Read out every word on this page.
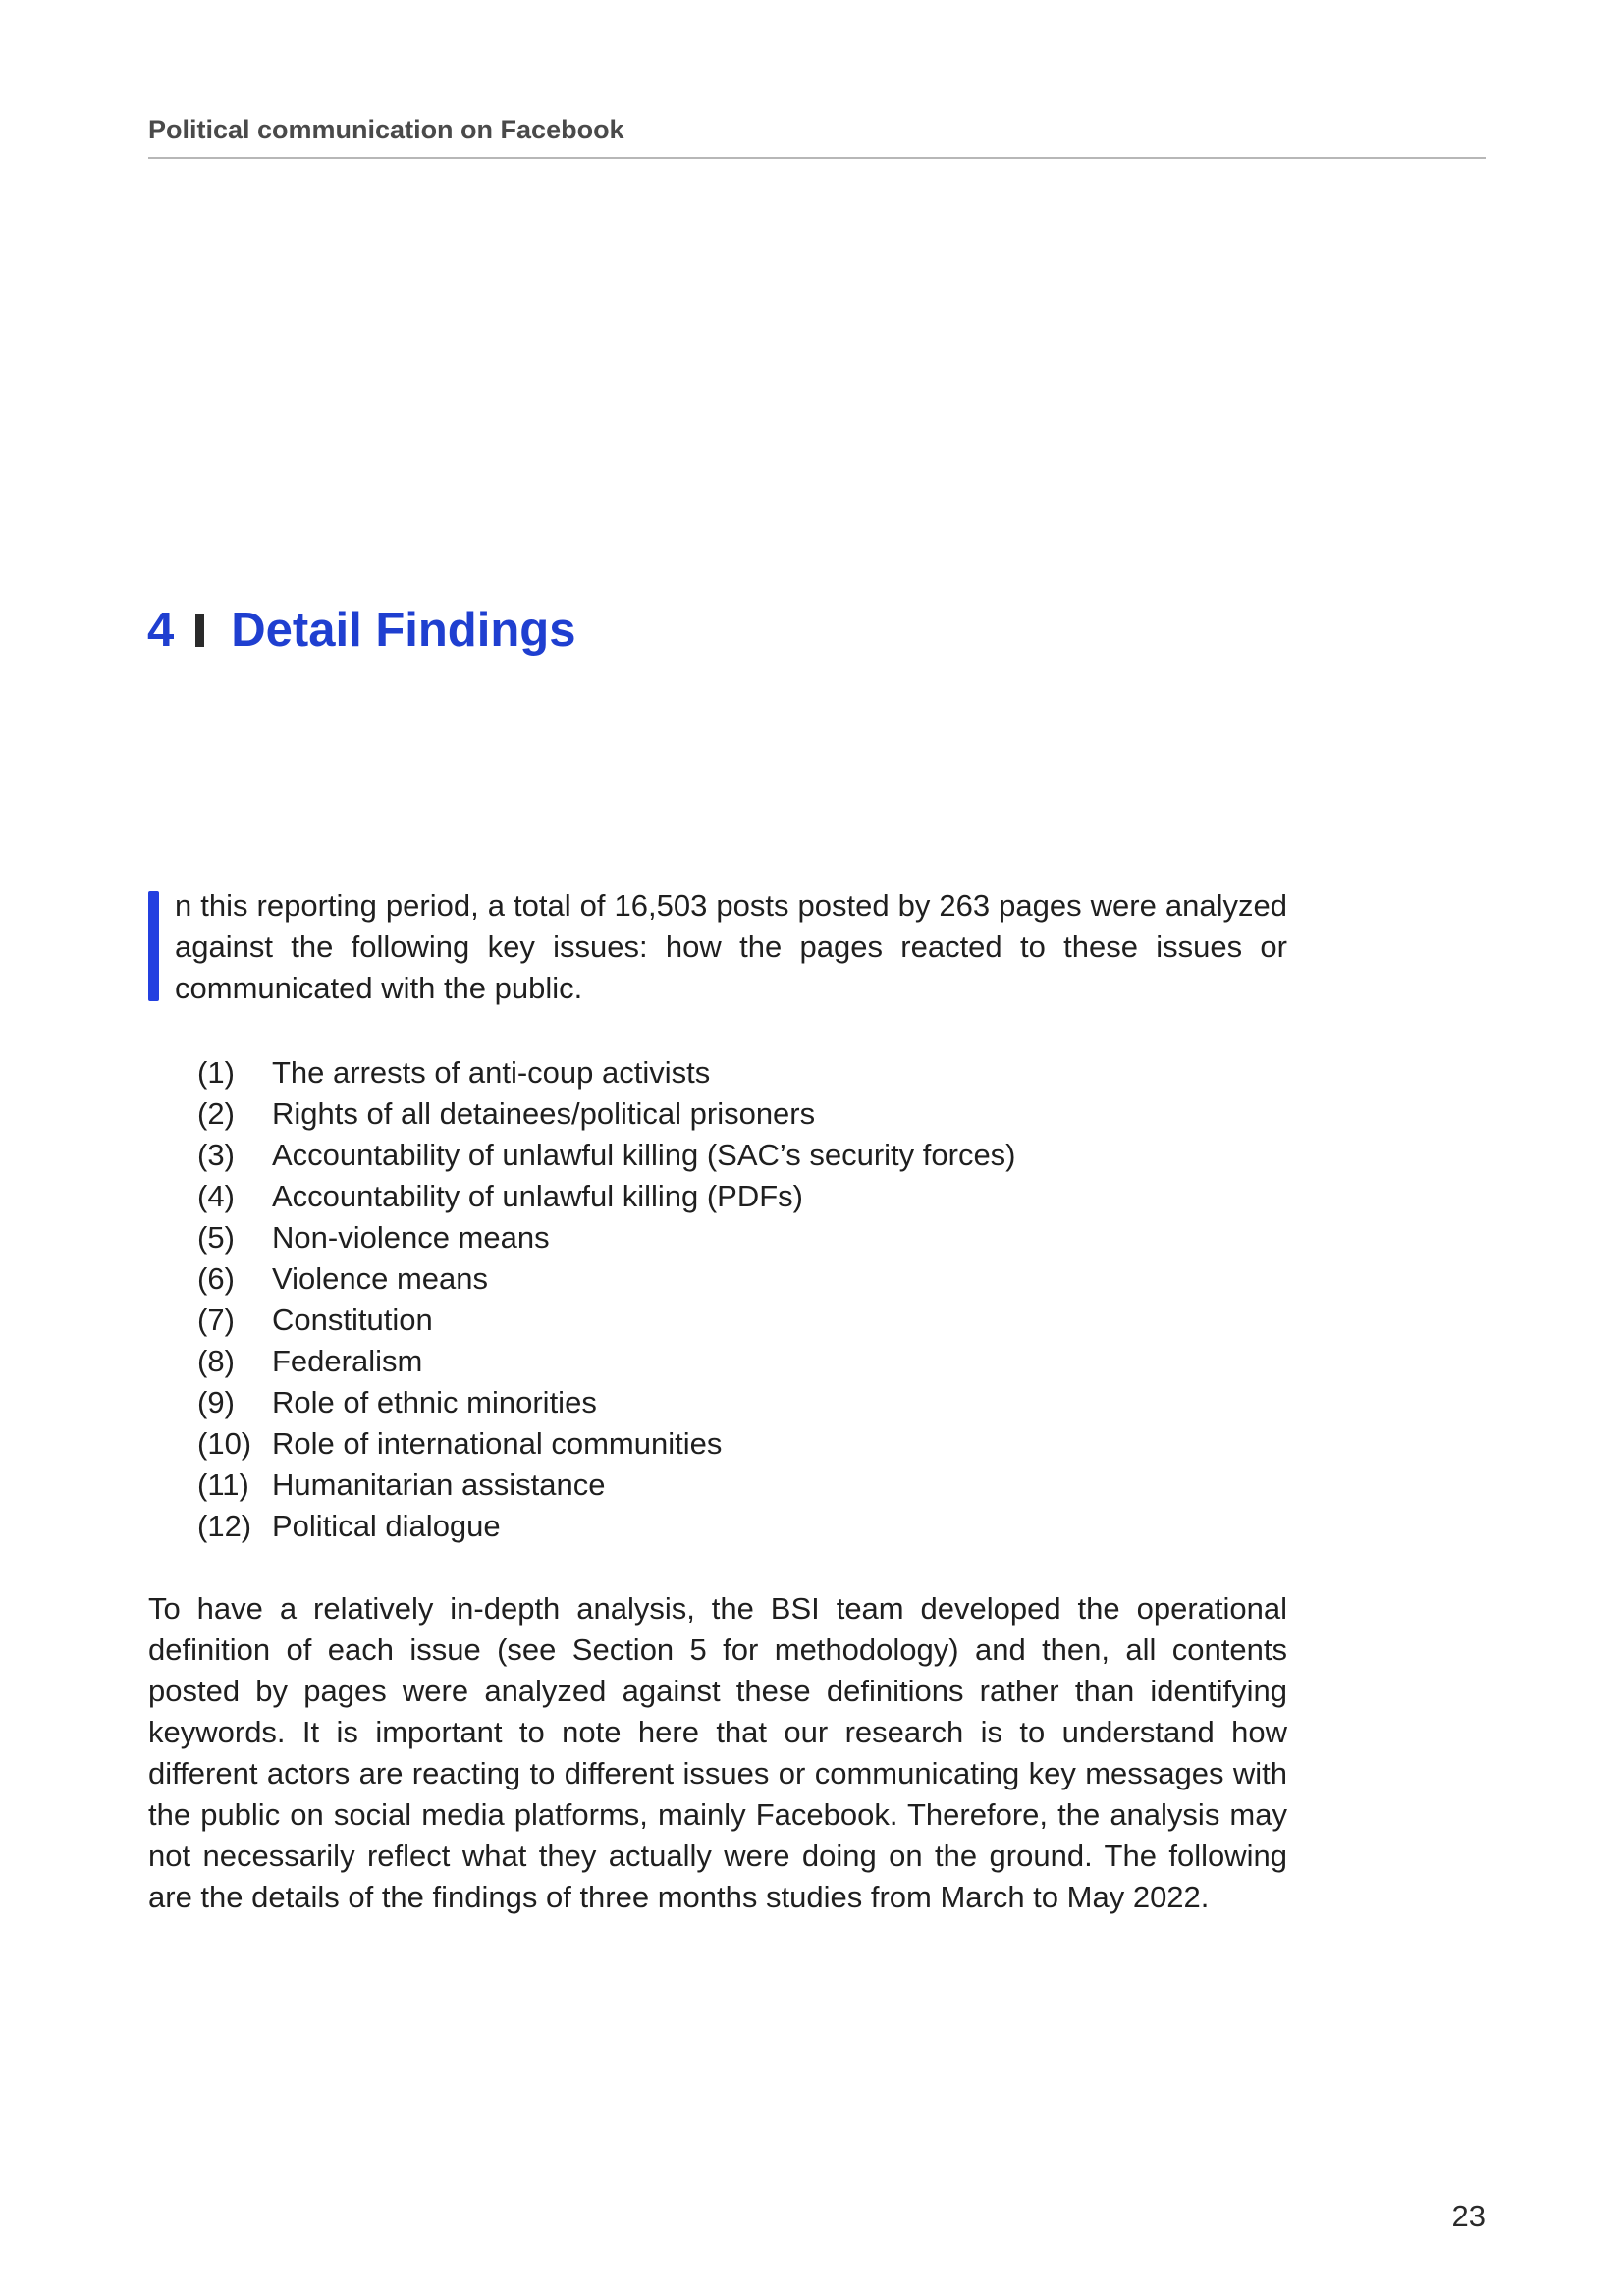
Political communication on Facebook
4 Detail Findings

n this reporting period, a total of 16,503 posts posted by 263 pages were analyzed against the following key issues: how the pages reacted to these issues or communicated with the public.

(1)	The arrests of anti-coup activists
(2)	Rights of all detainees/political prisoners
(3)	Accountability of unlawful killing (SAC’s security forces)
(4)	Accountability of unlawful killing (PDFs)
(5)	Non-violence means
(6)	Violence means
(7)	Constitution
(8)	Federalism
(9)	Role of ethnic minorities
(10) Role of international communities
(11) Humanitarian assistance
(12) Political dialogue

To have a relatively in-depth analysis, the BSI team developed the operational definition of each issue (see Section 5 for methodology) and then, all contents posted by pages were analyzed against these definitions rather than identifying keywords. It is important to note here that our research is to understand how different actors are reacting to different issues or communicating key messages with the public on social media platforms, mainly Facebook. Therefore, the analysis may not necessarily reflect what they actually were doing on the ground. The following are the details of the findings of three months studies from March to May 2022.

23
